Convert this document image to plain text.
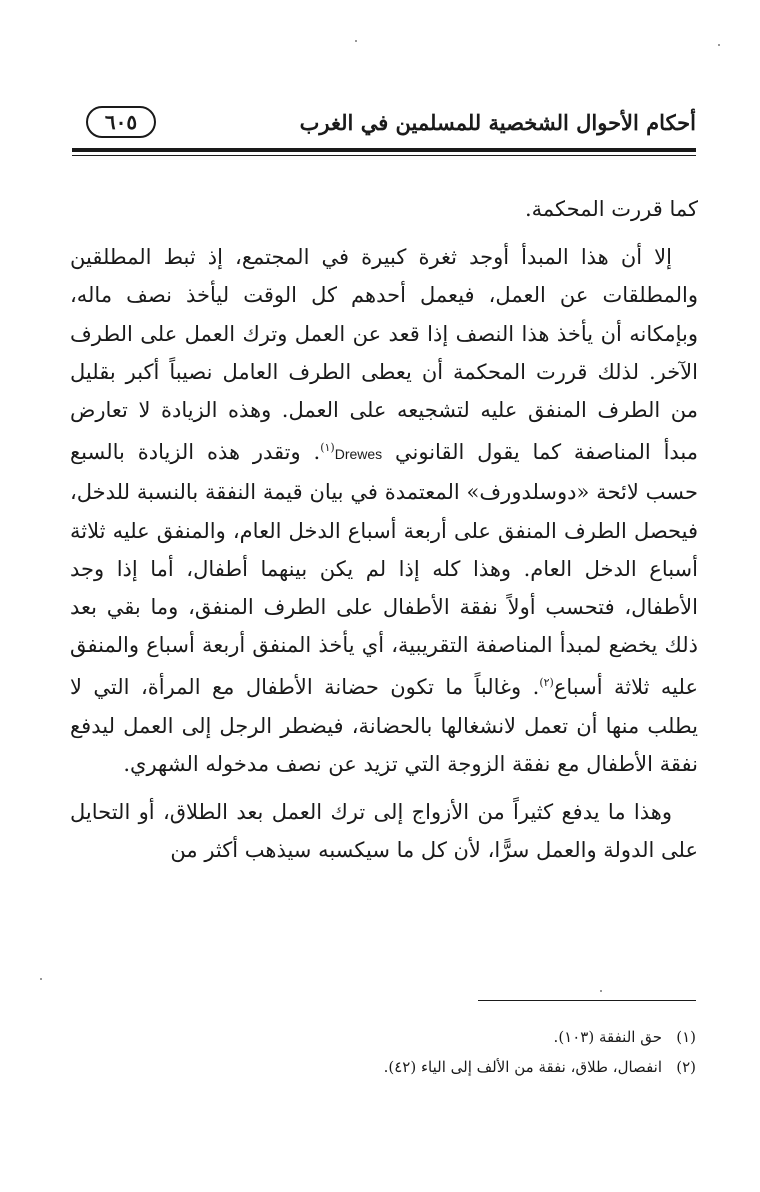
أحكام الأحوال الشخصية للمسلمين في الغرب
٦٠٥

كما قررت المحكمة.

إلا أن هذا المبدأ أوجد ثغرة كبيرة في المجتمع، إذ ثبط المطلقين والمطلقات عن العمل، فيعمل أحدهم كل الوقت ليأخذ نصف ماله، وبإمكانه أن يأخذ هذا النصف إذا قعد عن العمل وترك العمل على الطرف الآخر. لذلك قررت المحكمة أن يعطى الطرف العامل نصيباً أكبر بقليل من الطرف المنفق عليه لتشجيعه على العمل. وهذه الزيادة لا تعارض مبدأ المناصفة كما يقول القانوني Drewes$^{(١)}$. وتقدر هذه الزيادة بالسبع حسب لائحة «دوسلدورف» المعتمدة في بيان قيمة النفقة بالنسبة للدخل، فيحصل الطرف المنفق على أربعة أسباع الدخل العام، والمنفق عليه ثلاثة أسباع الدخل العام. وهذا كله إذا لم يكن بينهما أطفال، أما إذا وجد الأطفال، فتحسب أولاً نفقة الأطفال على الطرف المنفق، وما بقي بعد ذلك يخضع لمبدأ المناصفة التقريبية، أي يأخذ المنفق أربعة أسباع والمنفق عليه ثلاثة أسباع$^{(٢)}$. وغالباً ما تكون حضانة الأطفال مع المرأة، التي لا يطلب منها أن تعمل لانشغالها بالحضانة، فيضطر الرجل إلى العمل ليدفع نفقة الأطفال مع نفقة الزوجة التي تزيد عن نصف مدخوله الشهري.

وهذا ما يدفع كثيراً من الأزواج إلى ترك العمل بعد الطلاق، أو التحايل على الدولة والعمل سرًّا، لأن كل ما سيكسبه سيذهب أكثر من

(١)حق النفقة (١٠٣).
(٢)انفصال، طلاق، نفقة من الألف إلى الياء (٤٢).
